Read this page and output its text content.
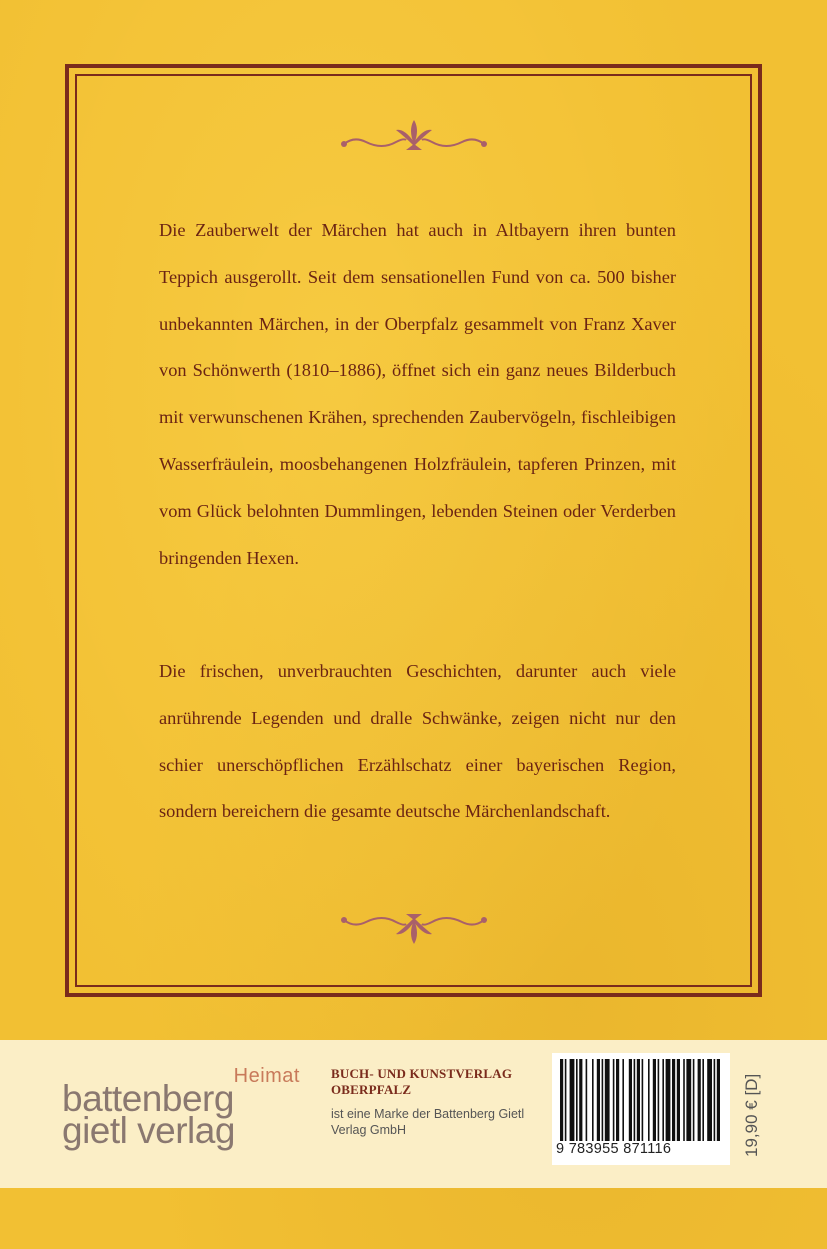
Die Zauberwelt der Märchen hat auch in Altbayern ihren bunten Teppich ausgerollt. Seit dem sensationellen Fund von ca. 500 bisher unbekannten Märchen, in der Oberpfalz gesammelt von Franz Xaver von Schönwerth (1810–1886), öffnet sich ein ganz neues Bilderbuch mit verwunschenen Krähen, sprechenden Zaubervögeln, fischleibigen Wasserfräulein, moosbehangenen Holzfräulein, tapferen Prinzen, mit vom Glück belohnten Dummlingen, lebenden Steinen oder Verderben bringenden Hexen.

Die frischen, unverbrauchten Geschichten, darunter auch viele anrührende Legenden und dralle Schwänke, zeigen nicht nur den schier unerschöpflichen Erzählschatz einer bayerischen Region, sondern bereichern die gesamte deutsche Märchenlandschaft.

Heimat
battenberg
gietl verlag
BUCH- UND KUNSTVERLAG OBERPFALZ
ist eine Marke der Battenberg Gietl Verlag GmbH
9 783955 871116	19,90 € [D]
